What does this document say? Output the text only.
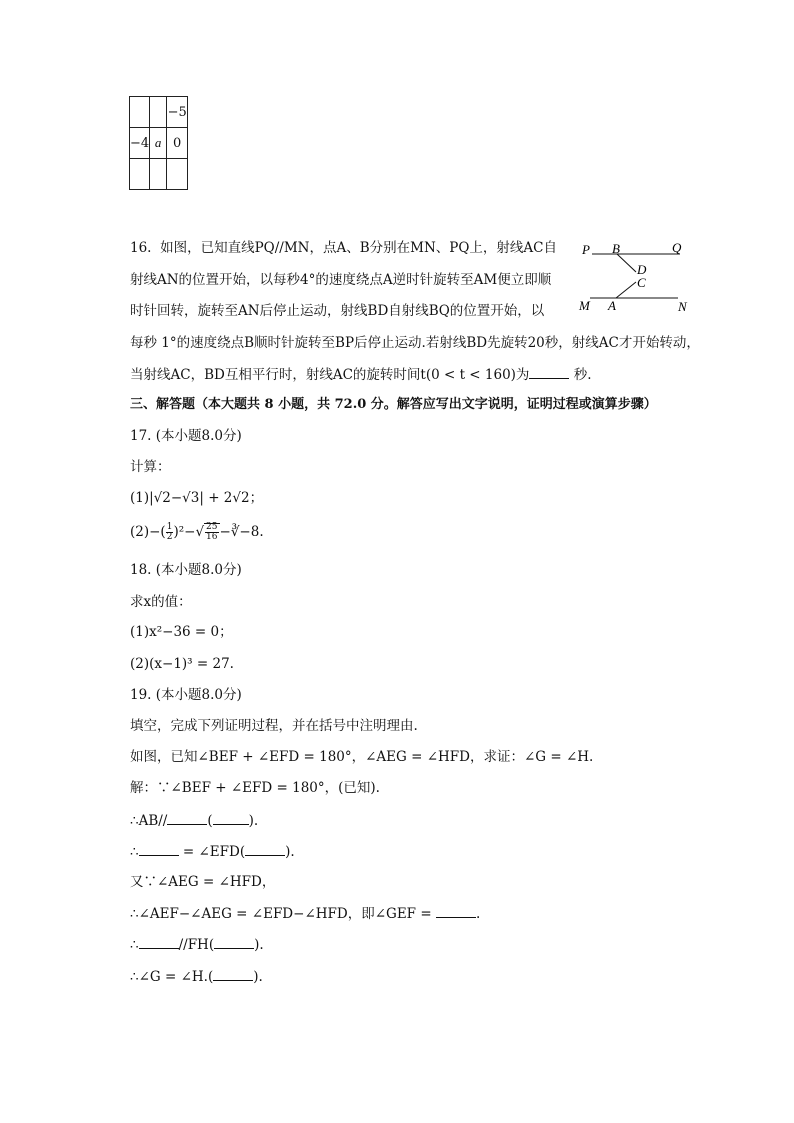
		−5
−4	a	0

16. 如图，已知直线PQ//MN，点A、B分别在MN、PQ上，射线AC自
射线AN的位置开始，以每秒4°的速度绕点A逆时针旋转至AM便立即顺
时针回转，旋转至AN后停止运动，射线BD自射线BQ的位置开始，以
每秒 1°的速度绕点B顺时针旋转至BP后停止运动.若射线BD先旋转20秒，射线AC才开始转动，
当射线AC，BD互相平行时，射线AC的旋转时间t(0 < t < 160)为	秒.
P B	Q
D
C
M A	N
三、解答题（本大题共 8 小题，共 72.0 分。解答应写出文字说明，证明过程或演算步骤）
17. (本小题8.0分)
计算：
(1)|√2−√3| + 2√2；
$(2)-( \frac{1}{2} )^2-√ \frac{25}{16}$ −∛−8.
18. (本小题8.0分)
求x的值：
(1)x²−36 = 0；
(2)(x−1)³ = 27.
19. (本小题8.0分)
填空，完成下列证明过程，并在括号中注明理由.
如图，已知∠BEF + ∠EFD = 180°，∠AEG = ∠HFD，求证：∠G = ∠H.
解：∵∠BEF + ∠EFD = 180°，(已知).
∴AB//	(	).
∴	= ∠EFD(	).
又∵∠AEG = ∠HFD，
∴∠AEF−∠AEG = ∠EFD−∠HFD，即∠GEF =	.
∴	//FH(	).
∴∠G = ∠H.(	).
